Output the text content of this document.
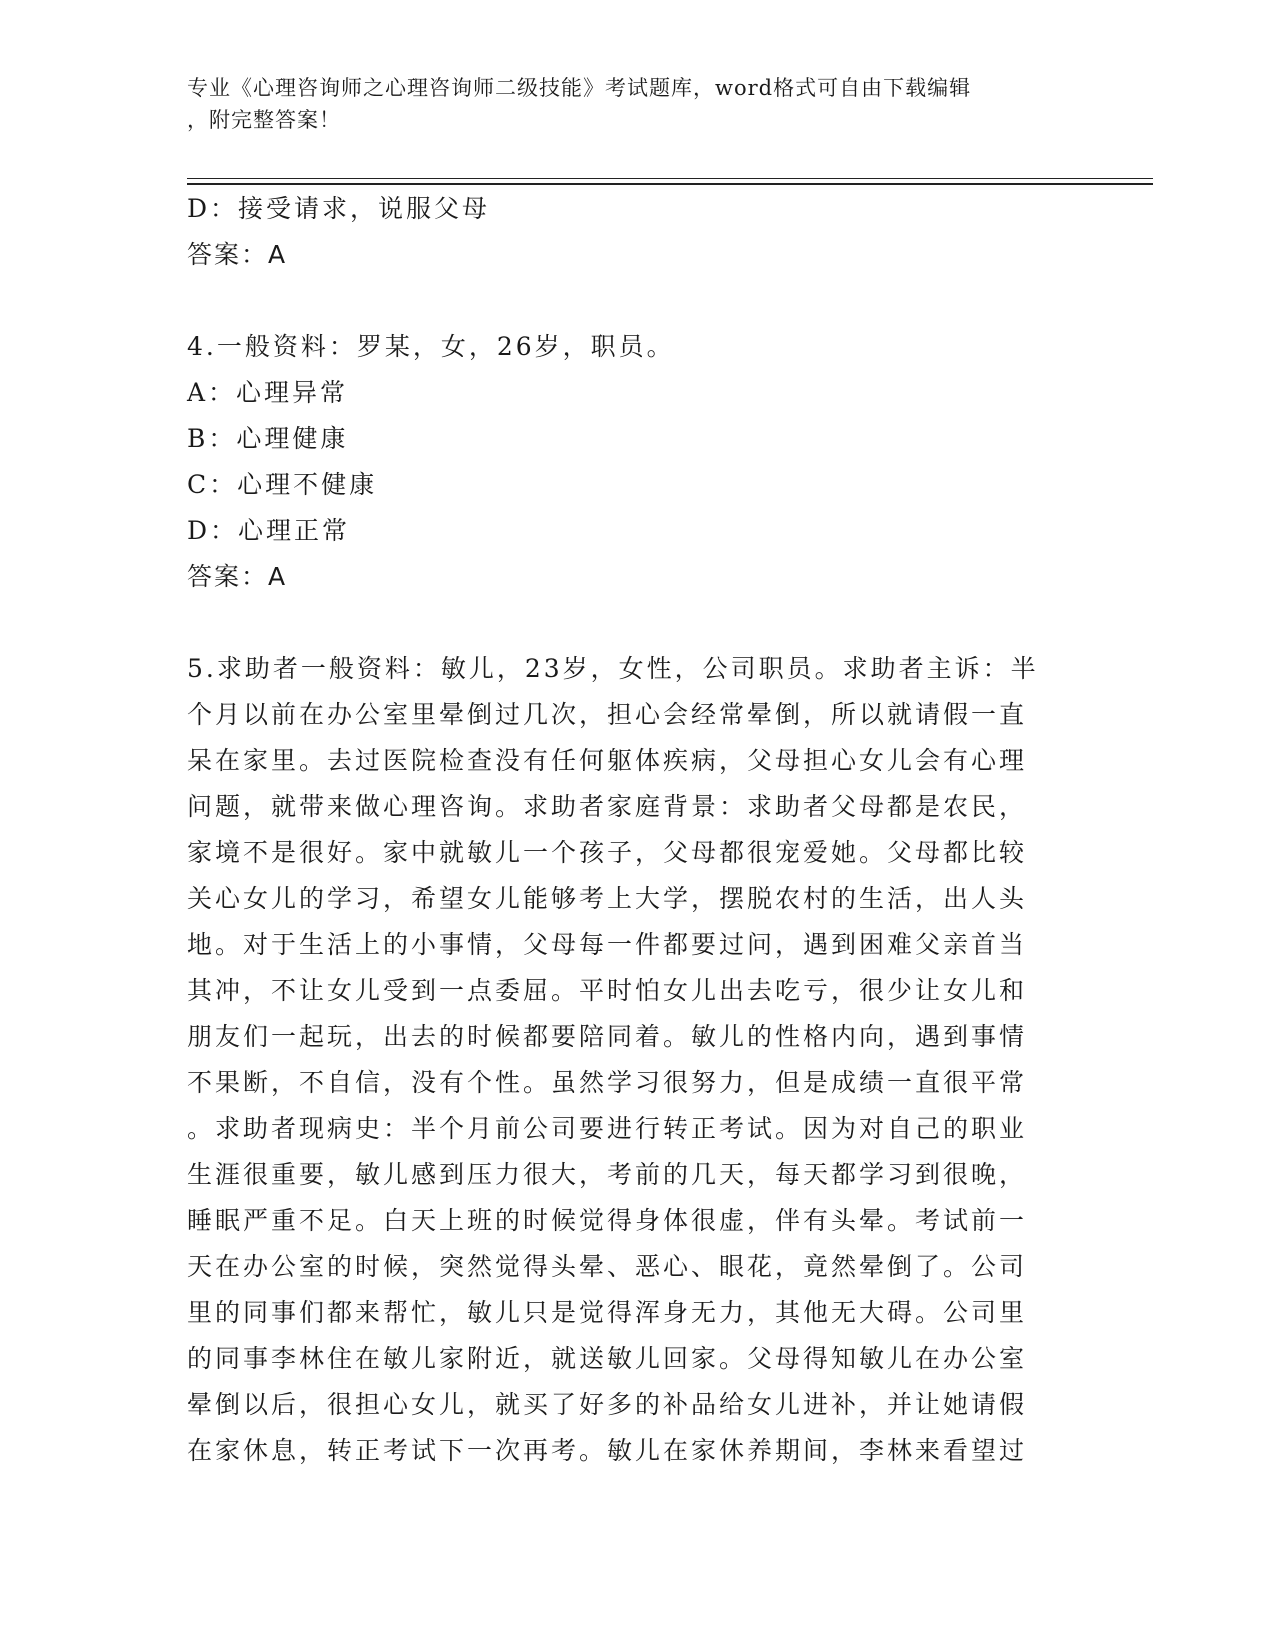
专业《心理咨询师之心理咨询师二级技能》考试题库，word格式可自由下载编辑
，附完整答案！

D：接受请求，说服父母

答案：A

4.一般资料：罗某，女，26岁，职员。

A：心理异常

B：心理健康

C：心理不健康

D：心理正常

答案：A

5.求助者一般资料：敏儿，23岁，女性，公司职员。求助者主诉：半
个月以前在办公室里晕倒过几次，担心会经常晕倒，所以就请假一直
呆在家里。去过医院检查没有任何躯体疾病，父母担心女儿会有心理
问题，就带来做心理咨询。求助者家庭背景：求助者父母都是农民，
家境不是很好。家中就敏儿一个孩子，父母都很宠爱她。父母都比较
关心女儿的学习，希望女儿能够考上大学，摆脱农村的生活，出人头
地。对于生活上的小事情，父母每一件都要过问，遇到困难父亲首当
其冲，不让女儿受到一点委屈。平时怕女儿出去吃亏，很少让女儿和
朋友们一起玩，出去的时候都要陪同着。敏儿的性格内向，遇到事情
不果断，不自信，没有个性。虽然学习很努力，但是成绩一直很平常
。求助者现病史：半个月前公司要进行转正考试。因为对自己的职业
生涯很重要，敏儿感到压力很大，考前的几天，每天都学习到很晚，
睡眠严重不足。白天上班的时候觉得身体很虚，伴有头晕。考试前一
天在办公室的时候，突然觉得头晕、恶心、眼花，竟然晕倒了。公司
里的同事们都来帮忙，敏儿只是觉得浑身无力，其他无大碍。公司里
的同事李林住在敏儿家附近，就送敏儿回家。父母得知敏儿在办公室
晕倒以后，很担心女儿，就买了好多的补品给女儿进补，并让她请假
在家休息，转正考试下一次再考。敏儿在家休养期间，李林来看望过
